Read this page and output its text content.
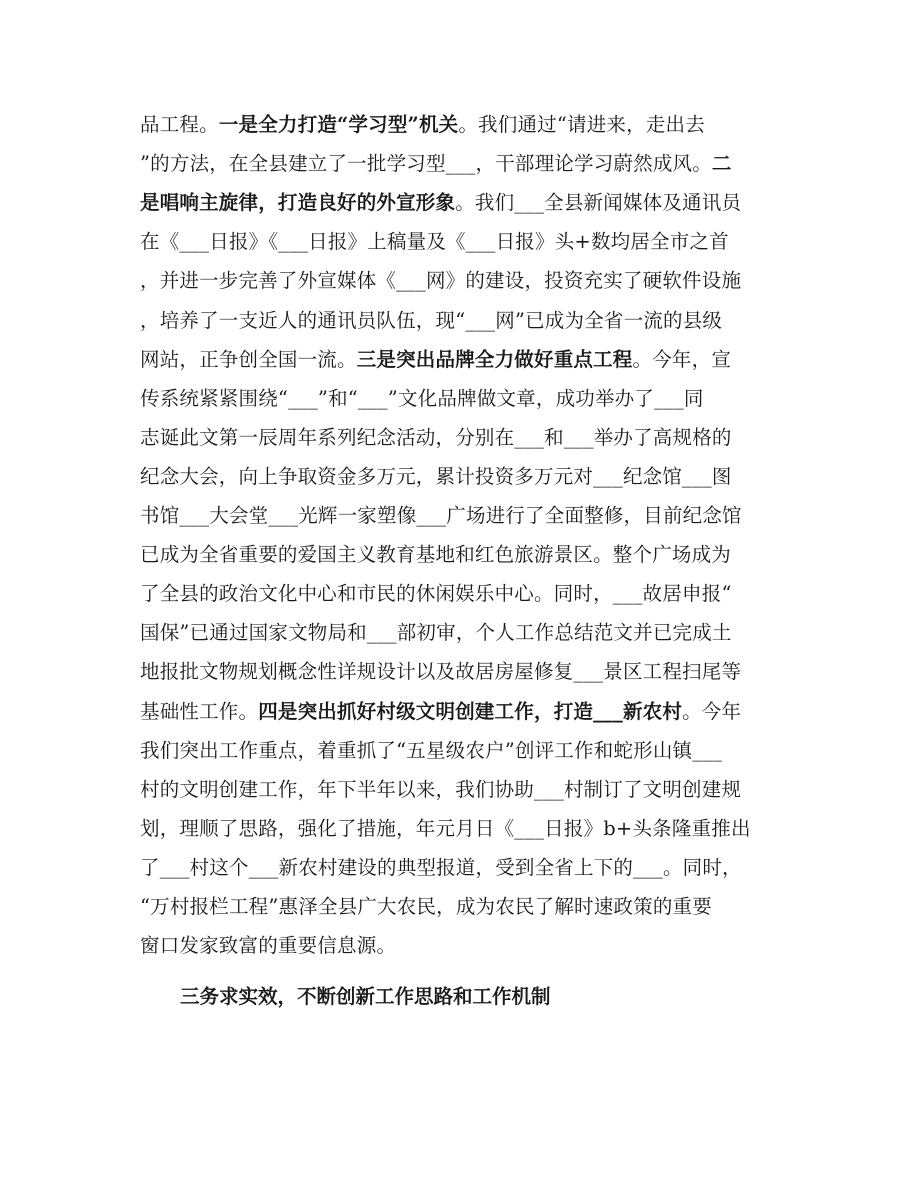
品工程。一是全力打造“学习型”机关。我们通过“请进来，走出去
”的方法，在全县建立了一批学习型___，干部理论学习蔚然成风。二
是唱响主旋律，打造良好的外宣形象。我们___全县新闻媒体及通讯员
在《___日报》《___日报》上稿量及《___日报》头+数均居全市之首
，并进一步完善了外宣媒体《___网》的建设，投资充实了硬软件设施
，培养了一支近人的通讯员队伍，现“___网”已成为全省一流的县级
网站，正争创全国一流。三是突出品牌全力做好重点工程。今年，宣
传系统紧紧围绕“___”和“___”文化品牌做文章，成功举办了___同
志诞此文第一辰周年系列纪念活动，分别在___和___举办了高规格的
纪念大会，向上争取资金多万元，累计投资多万元对___纪念馆___图
书馆___大会堂___光辉一家塑像___广场进行了全面整修，目前纪念馆
已成为全省重要的爱国主义教育基地和红色旅游景区。整个广场成为
了全县的政治文化中心和市民的休闲娱乐中心。同时，___故居申报“
国保”已通过国家文物局和___部初审，个人工作总结范文并已完成土
地报批文物规划概念性详规设计以及故居房屋修复___景区工程扫尾等
基础性工作。四是突出抓好村级文明创建工作，打造___新农村。今年
我们突出工作重点，着重抓了“五星级农户”创评工作和蛇形山镇___
村的文明创建工作，年下半年以来，我们协助___村制订了文明创建规
划，理顺了思路，强化了措施，年元月日《___日报》b+头条隆重推出
了___村这个___新农村建设的典型报道，受到全省上下的___。同时，
“万村报栏工程”惠泽全县广大农民，成为农民了解时速政策的重要
窗口发家致富的重要信息源。
三务求实效，不断创新工作思路和工作机制
